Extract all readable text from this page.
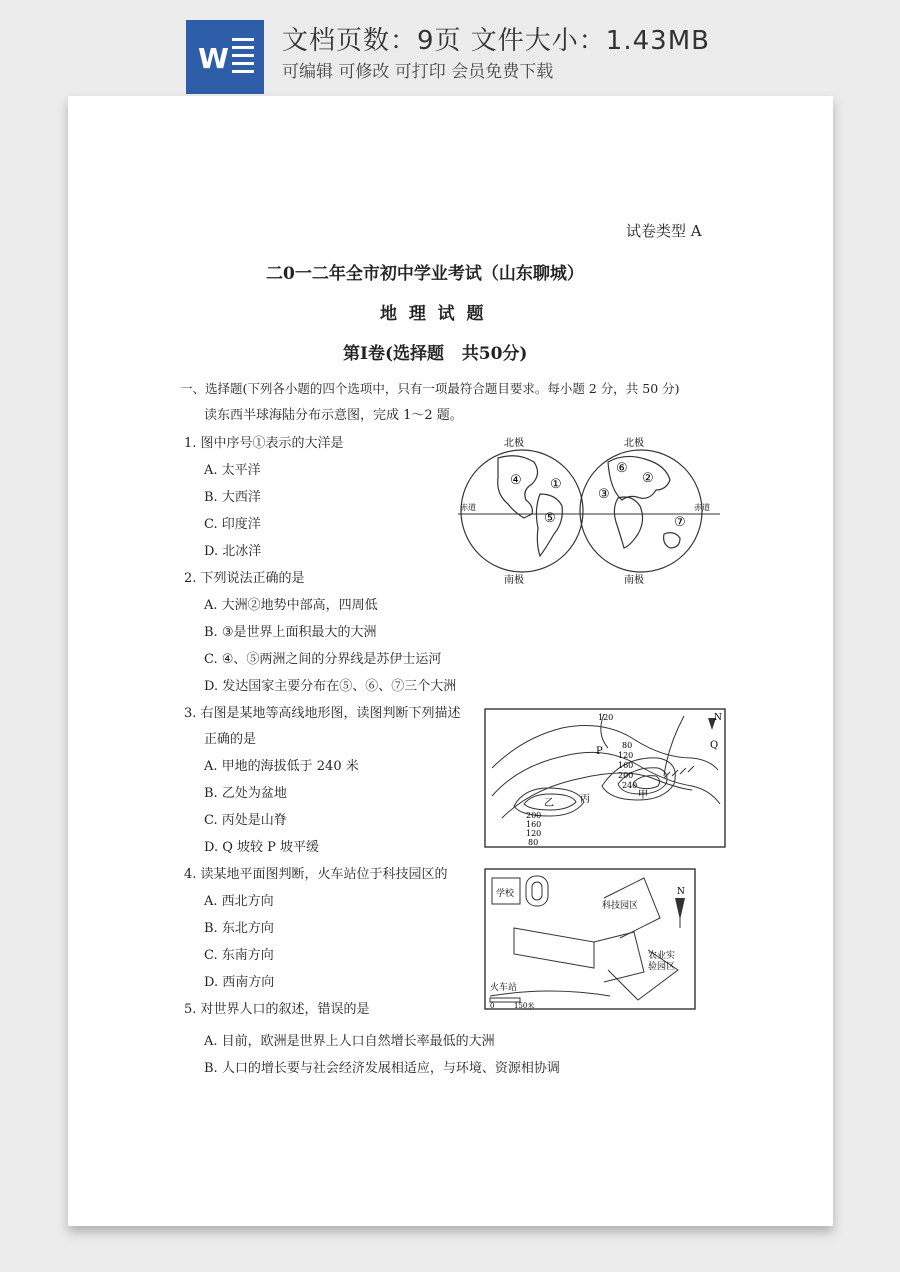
W
文档页数：9页 文件大小：1.43MB
可编辑 可修改 可打印 会员免费下载
试卷类型 A
二0一二年全市初中学业考试（山东聊城）
地  理  试  题
第Ⅰ卷(选择题   共50分)
一、选择题(下列各小题的四个选项中，只有一项最符合题目要求。每小题 2 分，共 50 分)
读东西半球海陆分布示意图，完成 1～2 题。
1. 图中序号①表示的大洋是
A. 太平洋
B. 大西洋
C. 印度洋
D. 北冰洋
2. 下列说法正确的是
A. 大洲②地势中部高，四周低
B. ③是世界上面积最大的大洲
C. ④、⑤两洲之间的分界线是苏伊士运河
D. 发达国家主要分布在⑤、⑥、⑦三个大洲
3. 右图是某地等高线地形图，读图判断下列描述
正确的是
A. 甲地的海拔低于 240 米
B. 乙处为盆地
C. 丙处是山脊
D. Q 坡较 P 坡平缓
4. 读某地平面图判断，火车站位于科技园区的
A. 西北方向
B. 东北方向
C. 东南方向
D. 西南方向
5. 对世界人口的叙述，错误的是
A. 目前，欧洲是世界上人口自然增长率最低的大洲
B. 人口的增长要与社会经济发展相适应，与环境、资源相协调
北极	北极
南极	南极
赤道	赤道
④ ①
⑤
⑥
②
③
⑦
N
80
120
160
200
240
200
160
120
80
120
P
Q
甲
乙	丙
学校
科技园区
农业实
验园区
火车站
N
0	150米
